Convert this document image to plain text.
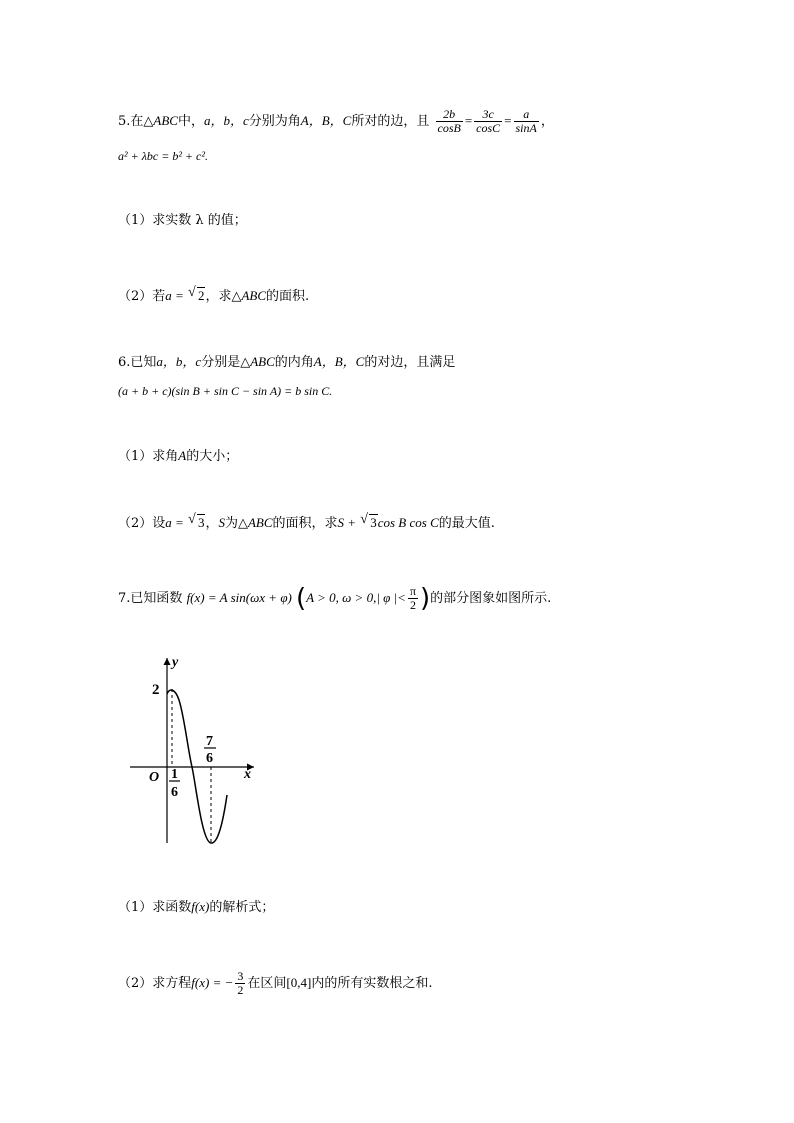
5.在△ABC中，a，b，c分别为角A，B，C所对的边，且 $\frac{2b}{\cos B} = \frac{3c}{\cos C} = \frac{a}{\sin A}$ ，
a² + λbc = b² + c².
（1）求实数 λ 的值；
（2）若a = √ 2，求△ABC的面积.
6.已知a，b，c分别是△ABC的内角A，B，C的对边，且满足
(a + b + c)(sin B + sin C − sin A) = b sin C.
（1）求角A的大小；
（2）设a = √ 3，S为△ABC的面积，求S + √ 3cos B cos C的最大值.
7.已知函数 f(x) = A sin(ωx + φ) (A > 0, ω > 0,| φ |< $\frac{\pi}{2}$ )的部分图象如图所示.
y
x
O
2
1
6
7
6
（1）求函数f(x)的解析式；
（2）求方程f(x) = − $\frac{3}{2}$ 在区间[0,4]内的所有实数根之和.
